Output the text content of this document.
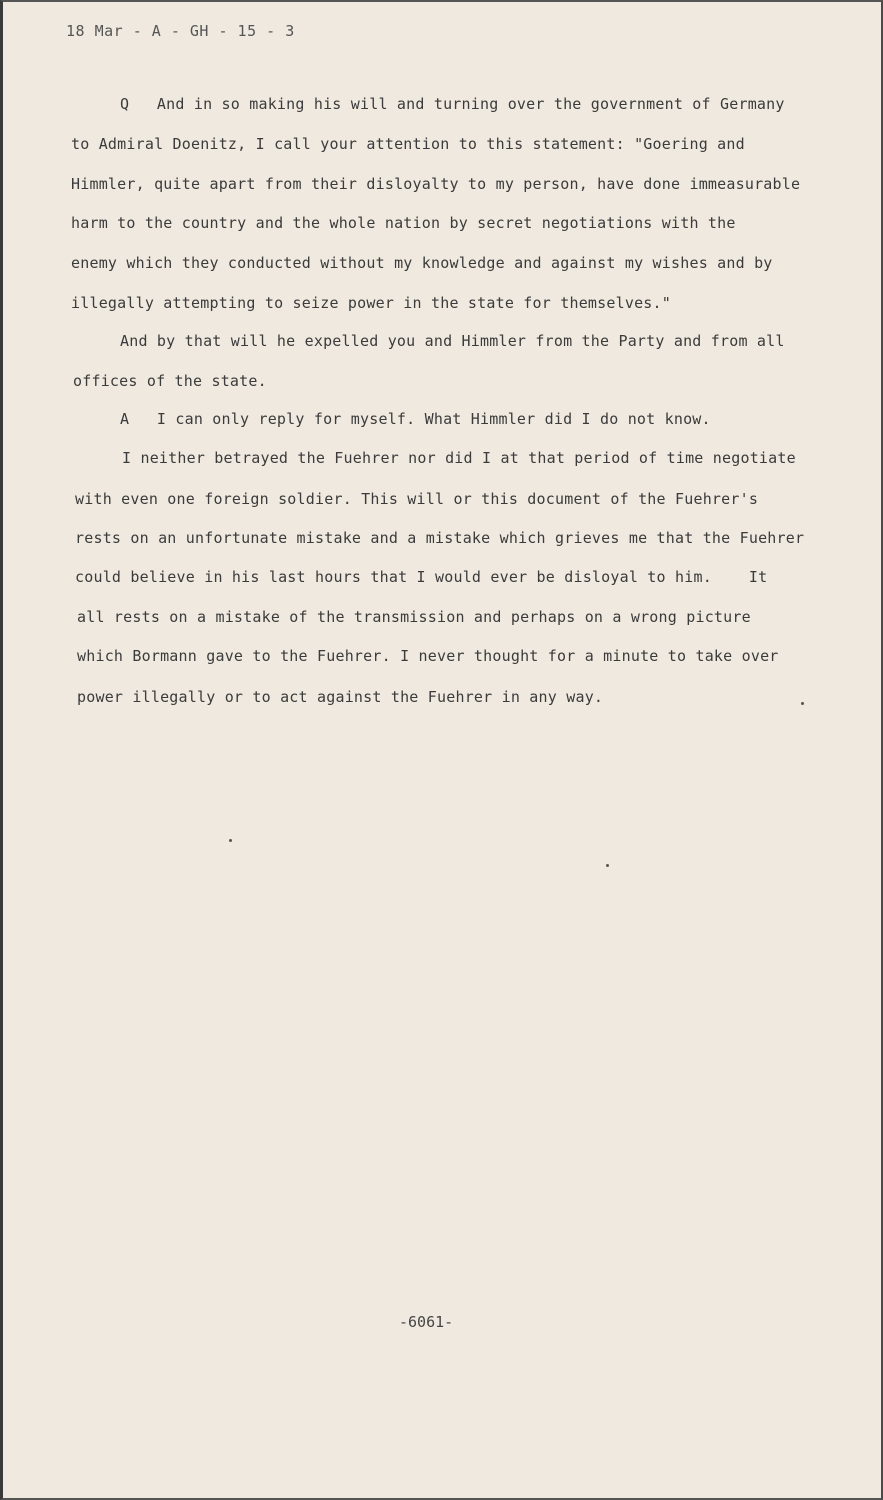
18 Mar - A - GH - 15 - 3
Q   And in so making his will and turning over the government of Germany
to Admiral Doenitz, I call your attention to this statement: "Goering and
Himmler, quite apart from their disloyalty to my person, have done immeasurable
harm to the country and the whole nation by secret negotiations with the
enemy which they conducted without my knowledge and against my wishes and by
illegally attempting to seize power in the state for themselves."
And by that will he expelled you and Himmler from the Party and from all
offices of the state.
A   I can only reply for myself. What Himmler did I do not know.
I neither betrayed the Fuehrer nor did I at that period of time negotiate
with even one foreign soldier. This will or this document of the Fuehrer's
rests on an unfortunate mistake and a mistake which grieves me that the Fuehrer
could believe in his last hours that I would ever be disloyal to him.    It
all rests on a mistake of the transmission and perhaps on a wrong picture
which Bormann gave to the Fuehrer. I never thought for a minute to take over
power illegally or to act against the Fuehrer in any way.
-6061-
